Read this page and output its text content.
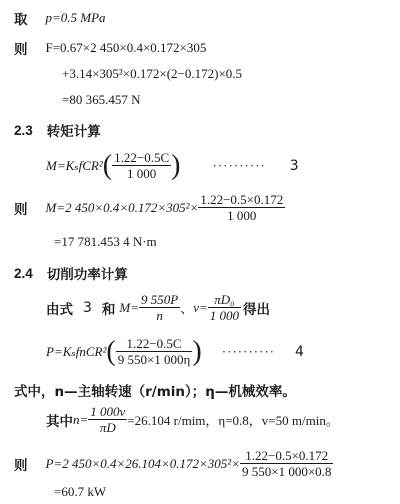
取 p=0.5 MPa
则 F=0.67×2 450×0.4×0.172×305
+3.14×305²×0.172×(2−0.172)×0.5
=80 365.457 N
2.3 转矩计算
M=KₛfCR² ( $\frac{1.22-0.5C}{1 000}$ ) ·········· 3
则 M=2 $450\times 0.4\times 0.172\times 305^2\times \frac{1.22-0.5\times 0.172}{1 000}$
=17 781.453 4 N·m
2.4 切削功率计算
由式 3 和 $M= \frac{9 550P}{n}$ 、 $v= \frac{\text{πD₀}}{1 000}$ 得出
P=KₛfnCR² ( $\frac{1.22-0.5C}{9 550\times 1 000\eta}$ ) ·········· 4
式中，n—主轴转速（r/min）；η—机械效率。
其中 $n= \frac{1 000v}{\pi D} =26.104$ r/mim，η=0.8，v=50 m/min。
则 P=2 $450\times 0.4\times 26.104\times 0.172\times 305^2\times \frac{1.22-0.5\times 0.172}{9 550\times 1 000\times 0.8}$
=60.7 kW
